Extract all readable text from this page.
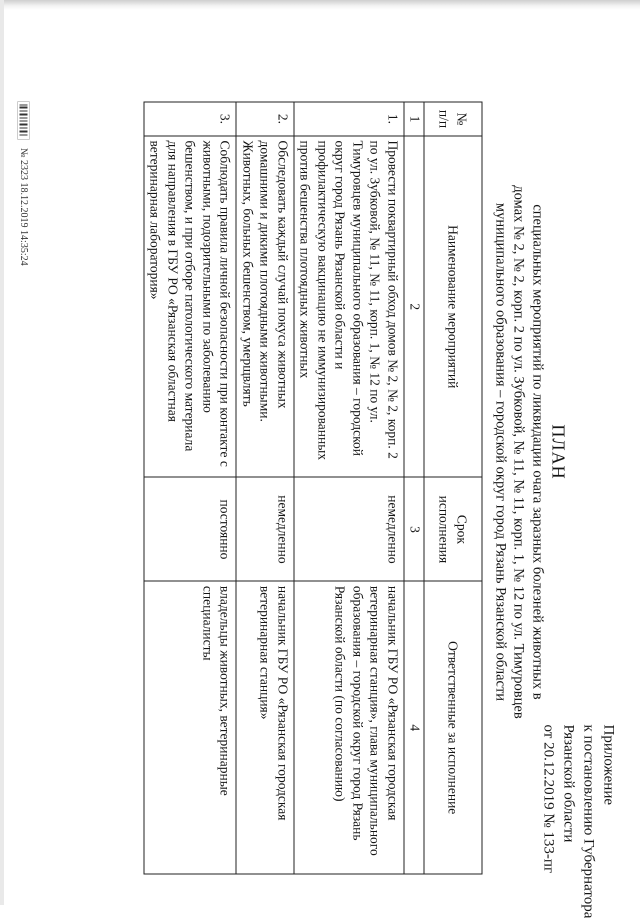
Приложение
к постановлению Губернатора
Рязанской области
от 20.12.2019 № 133-пг
ПЛАН
специальных мероприятий по ликвидации очага заразных болезней животных в
домах № 2, № 2, корп. 2 по ул. Зубковой, № 11, № 11, корп. 1, № 12 по ул. Тимуровцев
муниципального образования – городской округ город Рязань Рязанской области
№ п/п	Наименование мероприятий	Срок исполнения	Ответственные за исполнение
1	2	3	4
1.	Провести поквартирный обход домов № 2, № 2, корп. 2 по ул. Зубковой, № 11, № 11, корп. 1, № 12 по ул. Тимуровцев муниципального образования – городской округ город Рязань Рязанской области и профилактическую вакцинацию не иммунизированных против бешенства плотоядных животных	немедленно	начальник ГБУ РО «Рязанская городская ветеринарная станция», глава муниципального образования – городской округ город Рязань Рязанской области (по согласованию)
2.	Обследовать каждый случай покуса животных домашними и дикими плотоядными животными. Животных, больных бешенством, умерщвлять	немедленно	начальник ГБУ РО «Рязанская городская ветеринарная станция»
3.	Соблюдать правила личной безопасности при контакте с животными, подозрительными по заболеванию бешенством, и при отборе патологического материала для направления в ГБУ РО «Рязанская областная ветеринарная лаборатория»	постоянно	владельцы животных, ветеринарные специалисты
№ 2323 18.12.2019 14:35:24
